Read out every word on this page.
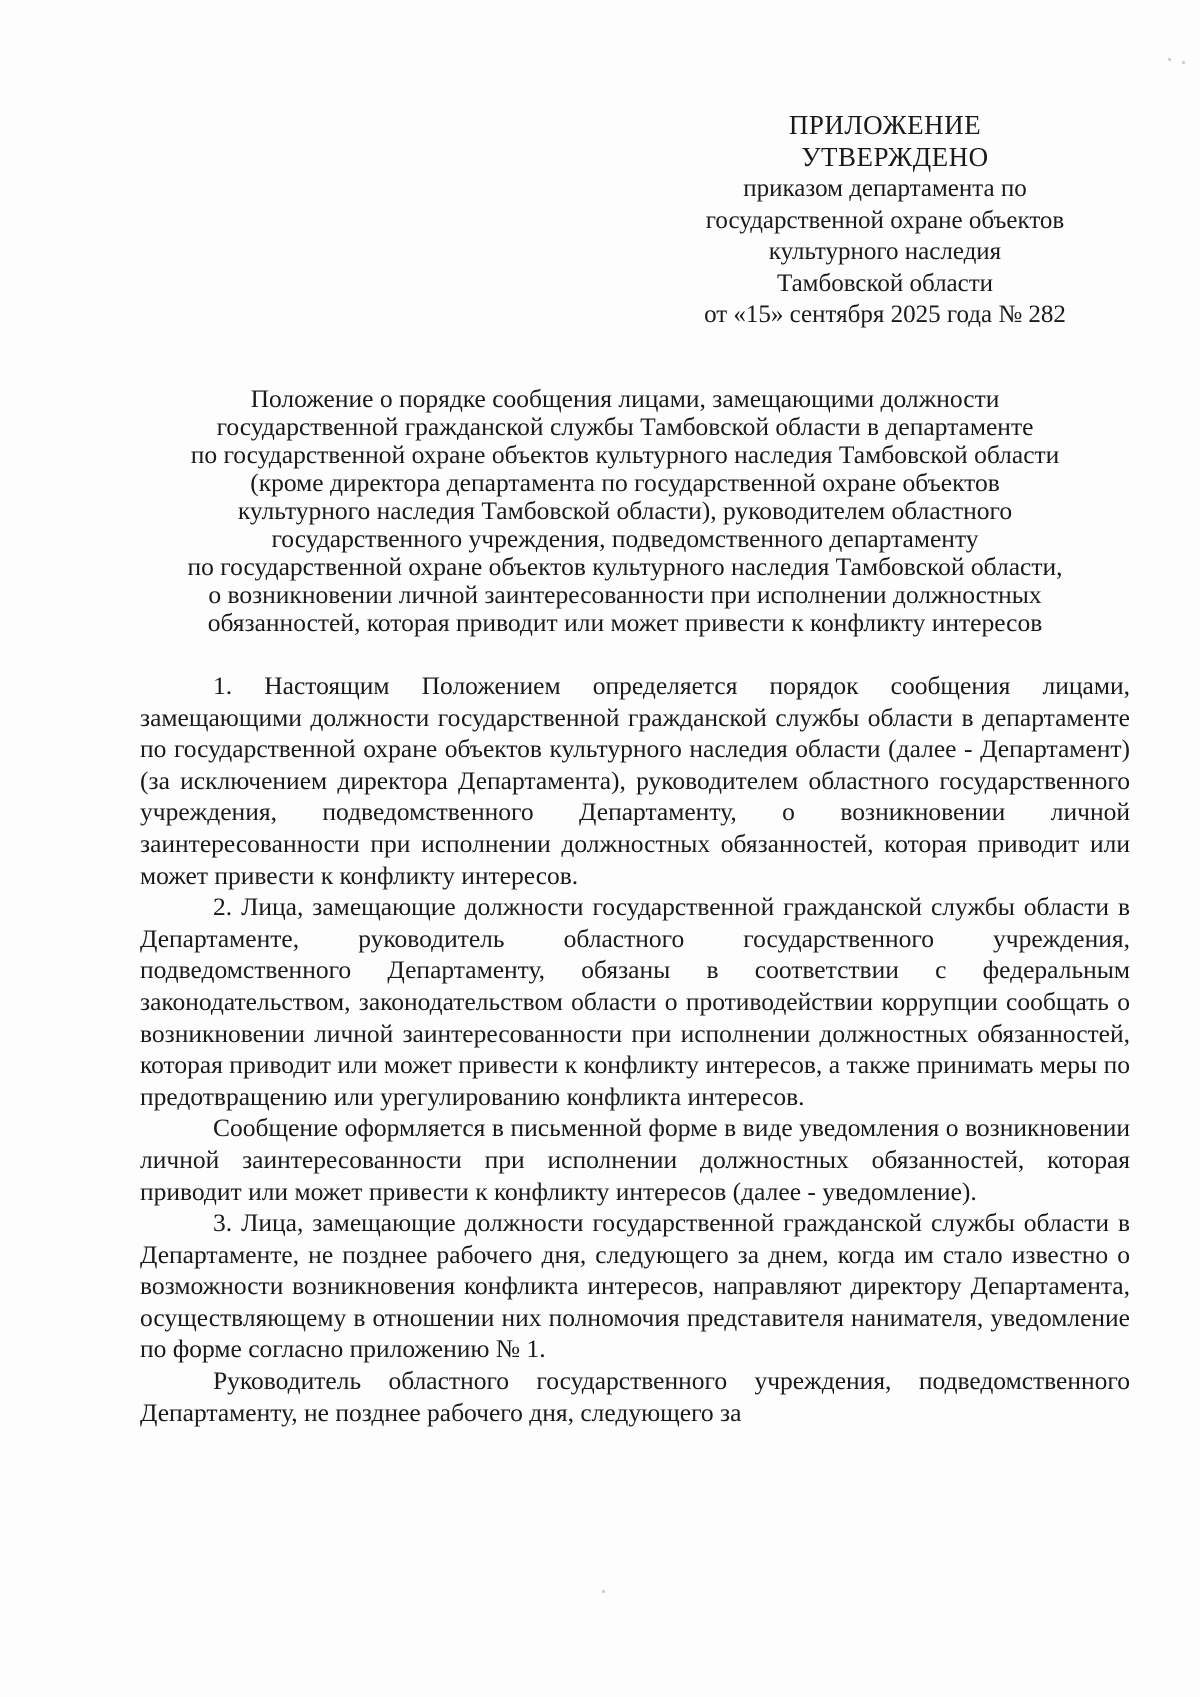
ПРИЛОЖЕНИЕ
УТВЕРЖДЕНО
приказом департамента по
государственной охране объектов
культурного наследия
Тамбовской области
от «15» сентября 2025 года № 282
Положение о порядке сообщения лицами, замещающими должности
государственной гражданской службы Тамбовской области в департаменте
по государственной охране объектов культурного наследия Тамбовской области
(кроме директора департамента по государственной охране объектов
культурного наследия Тамбовской области), руководителем областного
государственного учреждения, подведомственного департаменту
по государственной охране объектов культурного наследия Тамбовской области,
о возникновении личной заинтересованности при исполнении должностных
обязанностей, которая приводит или может привести к конфликту интересов

1. Настоящим Положением определяется порядок сообщения лицами, замещающими должности государственной гражданской службы области в департаменте по государственной охране объектов культурного наследия области (далее - Департамент) (за исключением директора Департамента), руководителем областного государственного учреждения, подведомственного Департаменту, о возникновении личной заинтересованности при исполнении должностных обязанностей, которая приводит или может привести к конфликту интересов.

2. Лица, замещающие должности государственной гражданской службы области в Департаменте, руководитель областного государственного учреждения, подведомственного Департаменту, обязаны в соответствии с федеральным законодательством, законодательством области о противодействии коррупции сообщать о возникновении личной заинтересованности при исполнении должностных обязанностей, которая приводит или может привести к конфликту интересов, а также принимать меры по предотвращению или урегулированию конфликта интересов.

Сообщение оформляется в письменной форме в виде уведомления о возникновении личной заинтересованности при исполнении должностных обязанностей, которая приводит или может привести к конфликту интересов (далее - уведомление).

3. Лица, замещающие должности государственной гражданской службы области в Департаменте, не позднее рабочего дня, следующего за днем, когда им стало известно о возможности возникновения конфликта интересов, направляют директору Департамента, осуществляющему в отношении них полномочия представителя нанимателя, уведомление по форме согласно приложению № 1.

Руководитель областного государственного учреждения, подведомственного Департаменту, не позднее рабочего дня, следующего за
